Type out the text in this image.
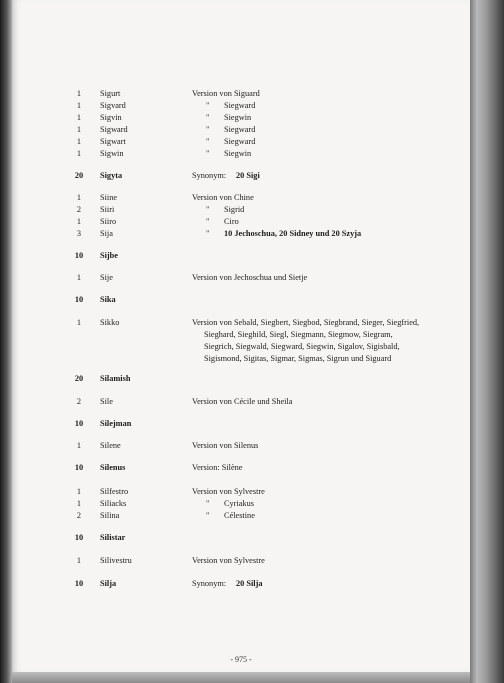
1	Sigurt	Version von Siguard
1	Sigvard	" Siegward
1	Sigvin	" Siegwin
1	Sigward	" Siegward
1	Sigwart	" Siegward
1	Sigwin	" Siegwin
20	Sigyta	Synonym: 20 Sigi
1	Siine	Version von Chine
2	Siiri	" Sigrid
1	Siiro	" Ciro
3	Sija	" 10 Jechoschua, 20 Sidney und 20 Szyja
10	Sijbe
1	Sije	Version von Jechoschua und Sietje
10	Sika
1	Sikko	Version von Sebald, Siegbert, Siegbod, Siegbrand, Sieger, Siegfried,
Sieghard, Sieghild, Siegl, Siegmann, Siegmow, Siegram,
Siegrich, Siegwald, Siegward, Siegwin, Sigalov, Sigisbald,
Sigismond, Sigitas, Sigmar, Sigmas, Sigrun und Siguard
20	Silamish
2	Sile	Version von Cécile und Sheila
10	Silejman
1	Silene	Version von Silenus
10	Silenus	Version: Silène
1	Silfestro	Version von Sylvestre
1	Siliacks	" Cyriakus
2	Silina	" Célestine
10	Silistar
1	Silivestru	Version von Sylvestre
10	Silja	Synonym: 20 Silja
- 975 -
